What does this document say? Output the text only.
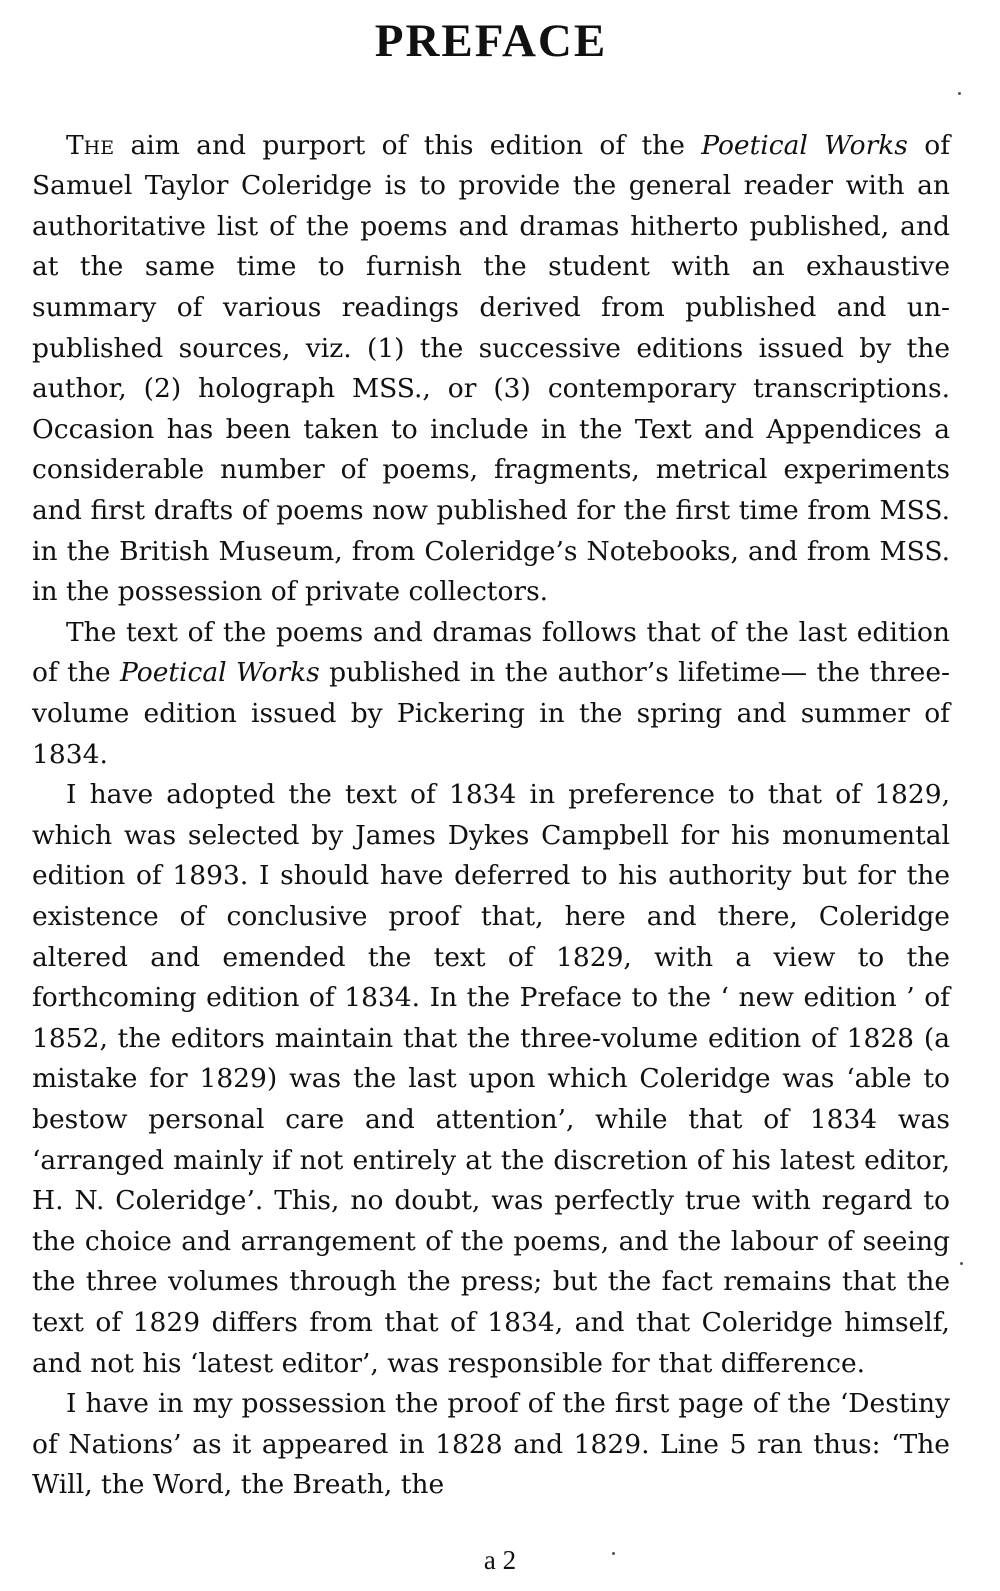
PREFACE

The aim and purport of this edition of the Poetical Works of Samuel Taylor Coleridge is to provide the general reader with an authoritative list of the poems and dramas hitherto published, and at the same time to furnish the student with an exhaustive summary of various readings derived from published and unpublished sources, viz. (1) the successive editions issued by the author, (2) holograph MSS., or (3) contemporary transcriptions. Occasion has been taken to include in the Text and Appendices a considerable number of poems, fragments, metrical experiments and first drafts of poems now published for the first time from MSS. in the British Museum, from Coleridge’s Notebooks, and from MSS. in the possession of private collectors.

The text of the poems and dramas follows that of the last edition of the Poetical Works published in the author’s lifetime— the three-volume edition issued by Pickering in the spring and summer of 1834.

I have adopted the text of 1834 in preference to that of 1829, which was selected by James Dykes Campbell for his monumental edition of 1893. I should have deferred to his authority but for the existence of conclusive proof that, here and there, Coleridge altered and emended the text of 1829, with a view to the forthcoming edition of 1834. In the Preface to the ‘ new edition ’ of 1852, the editors maintain that the three-volume edition of 1828 (a mistake for 1829) was the last upon which Coleridge was ‘able to bestow personal care and attention’, while that of 1834 was ‘arranged mainly if not entirely at the discretion of his latest editor, H. N. Coleridge’. This, no doubt, was perfectly true with regard to the choice and arrangement of the poems, and the labour of seeing the three volumes through the press; but the fact remains that the text of 1829 differs from that of 1834, and that Coleridge himself, and not his ‘latest editor’, was responsible for that difference.

I have in my possession the proof of the first page of the ‘Destiny of Nations’ as it appeared in 1828 and 1829. Line 5 ran thus: ‘The Will, the Word, the Breath, the

a 2
